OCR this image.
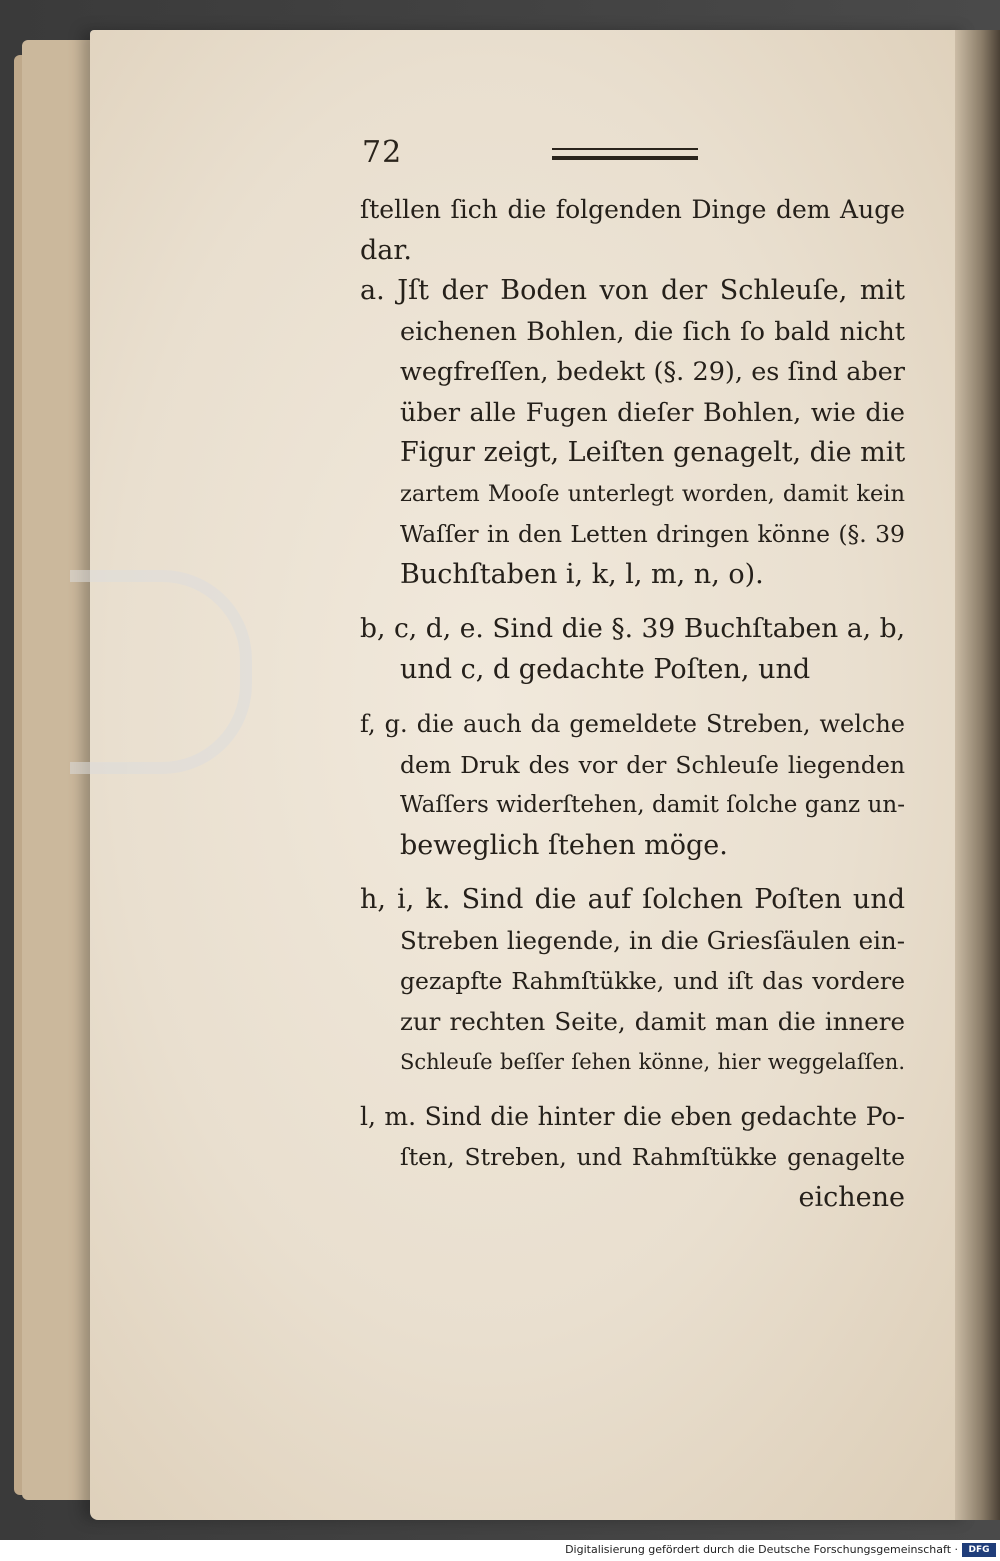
72
ſtellen ſich die folgenden Dinge dem Auge
dar.
a. Jſt der Boden von der Schleuſe, mit
eichenen Bohlen, die ſich ſo bald nicht
wegfreſſen, bedekt (§. 29), es ſind aber
über alle Fugen dieſer Bohlen, wie die
Figur zeigt, Leiſten genagelt, die mit
zartem Mooſe unterlegt worden, damit kein
Waſſer in den Letten dringen könne (§. 39
Buchſtaben i, k, l, m, n, o).
b, c, d, e. Sind die §. 39 Buchſtaben a, b,
und c, d gedachte Poſten, und
f, g. die auch da gemeldete Streben, welche
dem Druk des vor der Schleuſe liegenden
Waſſers widerſtehen, damit ſolche ganz un-
beweglich ſtehen möge.
h, i, k. Sind die auf ſolchen Poſten und
Streben liegende, in die Griesſäulen ein-
gezapfte Rahmſtükke, und iſt das vordere
zur rechten Seite, damit man die innere
Schleuſe beſſer ſehen könne, hier weggelaſſen.
l, m. Sind die hinter die eben gedachte Po-
ſten, Streben, und Rahmſtükke genagelte
eichene
Digitalisierung gefördert durch die Deutsche Forschungsgemeinschaft ·	DFG
